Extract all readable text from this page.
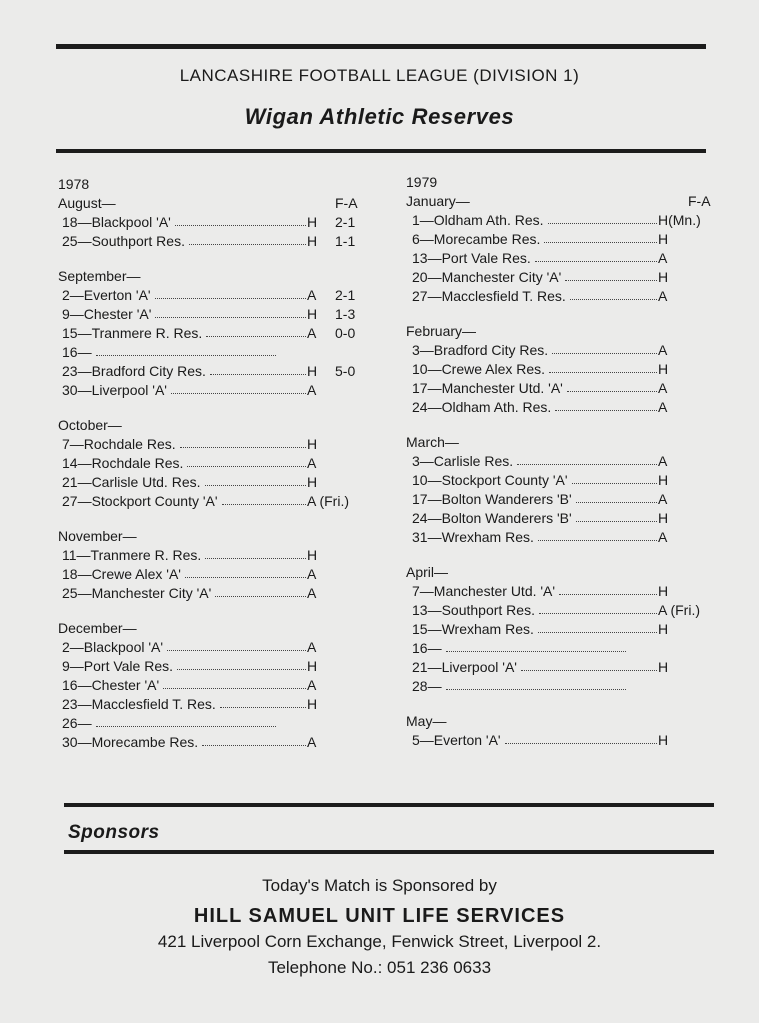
LANCASHIRE FOOTBALL LEAGUE (DIVISION 1)
Wigan Athletic Reserves
1978
August—	F-A
18—Blackpool 'A'	H 2-1
25—Southport Res.	H 1-1
September—
2—Everton 'A'	A 2-1
9—Chester 'A'	H 1-3
15—Tranmere R. Res.	A 0-0
16—
23—Bradford City Res.	H 5-0
30—Liverpool 'A'	A
October—
7—Rochdale Res.	H
14—Rochdale Res.	A
21—Carlisle Utd. Res.	H
27—Stockport County 'A'	A (Fri.)
November—
11—Tranmere R. Res.	H
18—Crewe Alex 'A'	A
25—Manchester City 'A'	A
December—
2—Blackpool 'A'	A
9—Port Vale Res.	H
16—Chester 'A'	A
23—Macclesfield T. Res.	H
26—
30—Morecambe Res.	A
1979
January—	F-A
1—Oldham Ath. Res.	H(Mn.)
6—Morecambe Res.	H
13—Port Vale Res.	A
20—Manchester City 'A'	H
27—Macclesfield T. Res.	A
February—
3—Bradford City Res.	A
10—Crewe Alex Res.	H
17—Manchester Utd. 'A'	A
24—Oldham Ath. Res.	A
March—
3—Carlisle Res.	A
10—Stockport County 'A'	H
17—Bolton Wanderers 'B'	A
24—Bolton Wanderers 'B'	H
31—Wrexham Res.	A
April—
7—Manchester Utd. 'A'	H
13—Southport Res.	A (Fri.)
15—Wrexham Res.	H
16—
21—Liverpool 'A'	H
28—
May—
5—Everton 'A'	H
Sponsors
Today's Match is Sponsored by
HILL SAMUEL UNIT LIFE SERVICES
421 Liverpool Corn Exchange, Fenwick Street, Liverpool 2.
Telephone No.: 051 236 0633
